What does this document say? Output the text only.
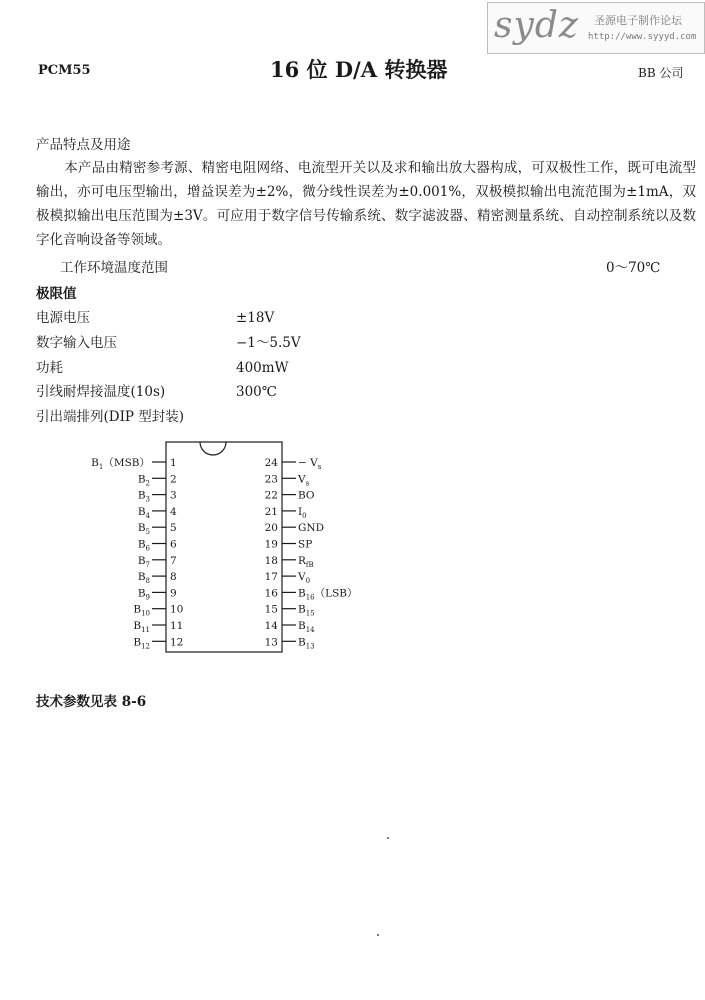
sydz 圣源电子制作论坛
http://www.syyyd.com
PCM55	16 位 D/A 转换器	BB 公司
产品特点及用途
本产品由精密参考源、精密电阻网络、电流型开关以及求和输出放大器构成，可双极性工作，既可电流型输出，亦可电压型输出，增益误差为±2%，微分线性误差为±0.001%，双极模拟输出电流范围为±1mA，双极模拟输出电压范围为±3V。可应用于数字信号传输系统、数字滤波器、精密测量系统、自动控制系统以及数字化音响设备等领域。
工作环境温度范围	0～70℃
极限值
电源电压	±18V
数字输入电压	−1～5.5V
功耗	400mW
引线耐焊接温度(10s)	300℃
引出端排列(DIP 型封装)
1
$B_1(MSB)$
2
$B_2$
3
$B_3$
4
$B_4$
5
$B_5$
6
$B_6$
7
$B_7$
8
$B_8$
9
$B_9$
10
$B_{10}$
11
$B_{11}$
12
$B_{12}$
$24 - V_s$
23 $V_s$
22 BO
21 $I_0$
20 GND
19 SP
18 $R_{fB}$
17 $V_0$
16 $B_{16}(LSB)$
15 $B_{15}$
14 $B_{14}$
13 $B_{13}$
技术参数见表 8-6
